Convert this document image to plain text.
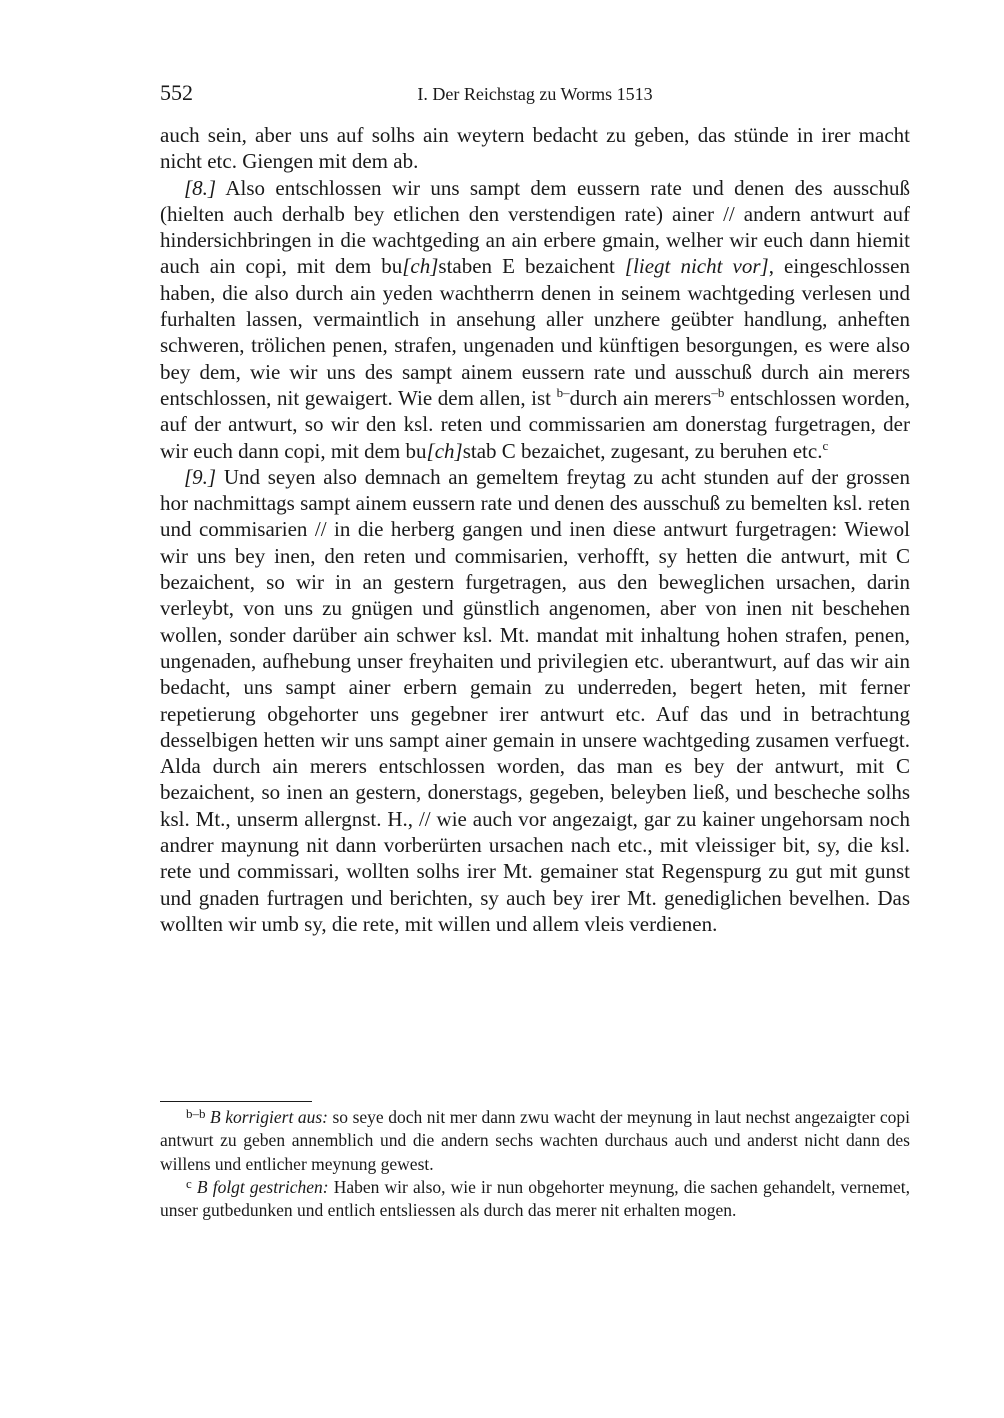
552	I. Der Reichstag zu Worms 1513

auch sein, aber uns auf solhs ain weytern bedacht zu geben, das stünde in irer macht nicht etc. Giengen mit dem ab.

[8.] Also entschlossen wir uns sampt dem eussern rate und denen des ausschuß (hielten auch derhalb bey etlichen den verstendigen rate) ainer // andern antwurt auf hindersichbringen in die wachtgeding an ain erbere gmain, welher wir euch dann hiemit auch ain copi, mit dem bu[ch]staben E bezaichent [liegt nicht vor], eingeschlossen haben, die also durch ain yeden wachtherrn denen in seinem wachtgeding verlesen und furhalten lassen, vermaintlich in ansehung aller unzhere geübter handlung, anheften schweren, trölichen penen, strafen, ungenaden und künftigen besorgungen, es were also bey dem, wie wir uns des sampt ainem eussern rate und ausschuß durch ain merers entschlossen, nit gewaigert. Wie dem allen, ist $^{b-}$durch ain merers$^{-b}$ entschlossen worden, auf der antwurt, so wir den ksl. reten und commissarien am donerstag furgetragen, der wir euch dann copi, mit dem bu[ch]stab C bezaichet, zugesant, zu beruhen etc.$^c$

[9.] Und seyen also demnach an gemeltem freytag zu acht stunden auf der grossen hor nachmittags sampt ainem eussern rate und denen des ausschuß zu bemelten ksl. reten und commisarien // in die herberg gangen und inen diese antwurt furgetragen: Wiewol wir uns bey inen, den reten und commisarien, verhofft, sy hetten die antwurt, mit C bezaichent, so wir in an gestern furgetragen, aus den beweglichen ursachen, darin verleybt, von uns zu gnügen und günstlich angenomen, aber von inen nit beschehen wollen, sonder darüber ain schwer ksl. Mt. mandat mit inhaltung hohen strafen, penen, ungenaden, aufhebung unser freyhaiten und privilegien etc. uberantwurt, auf das wir ain bedacht, uns sampt ainer erbern gemain zu underreden, begert heten, mit ferner repetierung obgehorter uns gegebner irer antwurt etc. Auf das und in betrachtung desselbigen hetten wir uns sampt ainer gemain in unsere wachtgeding zusamen verfuegt. Alda durch ain merers entschlossen worden, das man es bey der antwurt, mit C bezaichent, so inen an gestern, donerstags, gegeben, beleyben ließ, und bescheche solhs ksl. Mt., unserm allergnst. H., // wie auch vor angezaigt, gar zu kainer ungehorsam noch andrer maynung nit dann vorberürten ursachen nach etc., mit vleissiger bit, sy, die ksl. rete und commissari, wollten solhs irer Mt. gemainer stat Regenspurg zu gut mit gunst und gnaden furtragen und berichten, sy auch bey irer Mt. genediglichen bevelhen. Das wollten wir umb sy, die rete, mit willen und allem vleis verdienen.

$^{b-b}$ B korrigiert aus: so seye doch nit mer dann zwu wacht der meynung in laut nechst angezaigter copi antwurt zu geben annemblich und die andern sechs wachten durchaus auch und anderst nicht dann des willens und entlicher meynung gewest.

$^c$ B folgt gestrichen: Haben wir also, wie ir nun obgehorter meynung, die sachen gehandelt, vernemet, unser gutbedunken und entlich entsliessen als durch das merer nit erhalten mogen.
